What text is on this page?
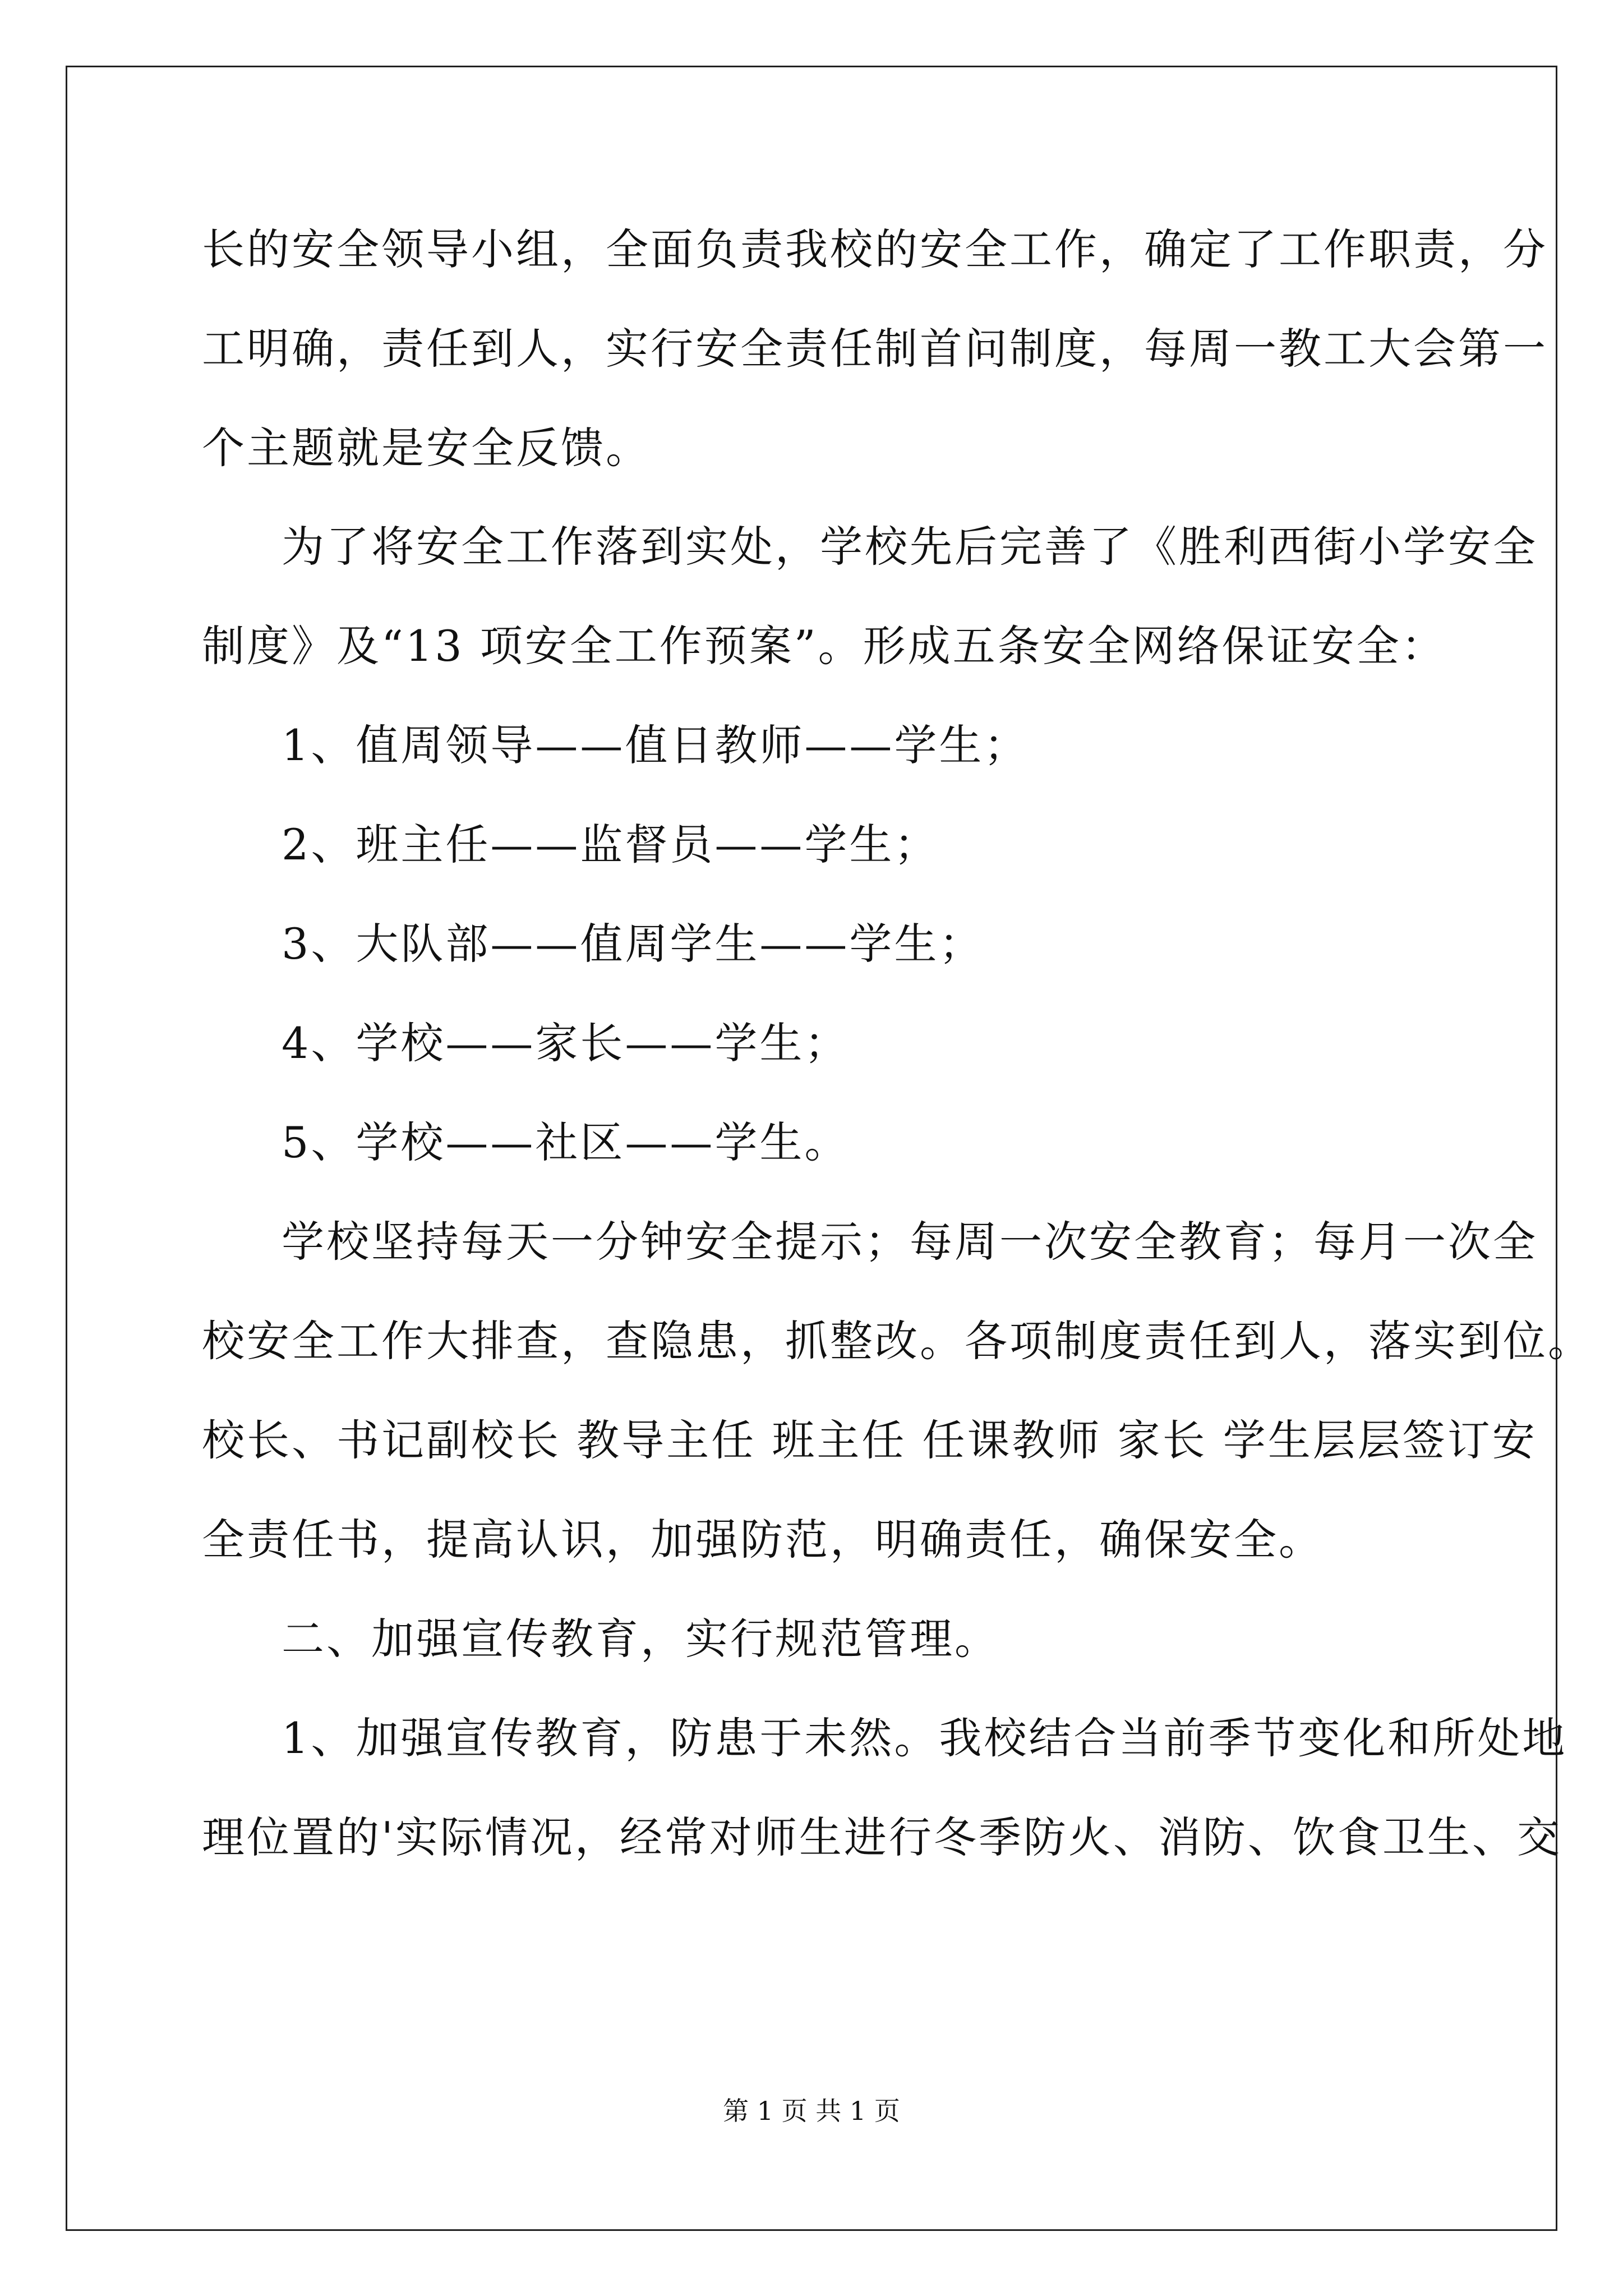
长的安全领导小组，全面负责我校的安全工作，确定了工作职责，分
工明确，责任到人，实行安全责任制首问制度，每周一教工大会第一
个主题就是安全反馈。
为了将安全工作落到实处，学校先后完善了《胜利西街小学安全
制度》及“13 项安全工作预案”。形成五条安全网络保证安全：
1、值周领导——值日教师——学生；
2、班主任——监督员——学生；
3、大队部——值周学生——学生；
4、学校——家长——学生；
5、学校——社区——学生。
学校坚持每天一分钟安全提示；每周一次安全教育；每月一次全
校安全工作大排查，查隐患，抓整改。各项制度责任到人，落实到位。
校长、书记副校长 教导主任 班主任 任课教师 家长 学生层层签订安
全责任书，提高认识，加强防范，明确责任，确保安全。
二、加强宣传教育，实行规范管理。
1、加强宣传教育，防患于未然。我校结合当前季节变化和所处地
理位置的'实际情况，经常对师生进行冬季防火、消防、饮食卫生、交
第 1 页 共 1 页
